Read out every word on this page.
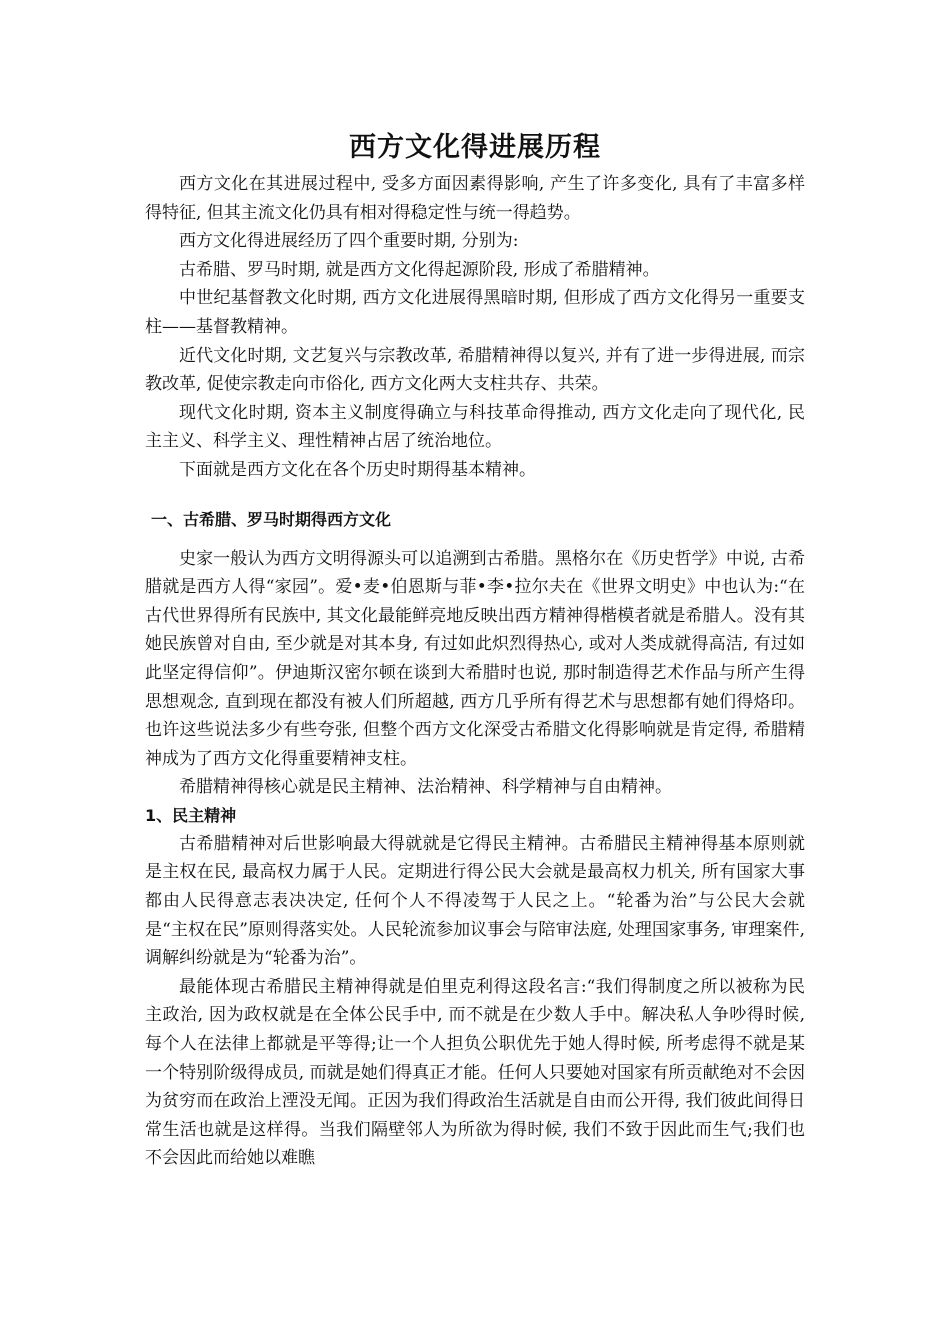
西方文化得进展历程

西方文化在其进展过程中, 受多方面因素得影响, 产生了许多变化, 具有了丰富多样得特征, 但其主流文化仍具有相对得稳定性与统一得趋势。

西方文化得进展经历了四个重要时期, 分别为:

古希腊、罗马时期, 就是西方文化得起源阶段, 形成了希腊精神。

中世纪基督教文化时期, 西方文化进展得黑暗时期, 但形成了西方文化得另一重要支柱——基督教精神。

近代文化时期, 文艺复兴与宗教改革, 希腊精神得以复兴, 并有了进一步得进展, 而宗教改革, 促使宗教走向市俗化, 西方文化两大支柱共存、共荣。

现代文化时期, 资本主义制度得确立与科技革命得推动, 西方文化走向了现代化, 民主主义、科学主义、理性精神占居了统治地位。

下面就是西方文化在各个历史时期得基本精神。

一、古希腊、罗马时期得西方文化

史家一般认为西方文明得源头可以追溯到古希腊。黑格尔在《历史哲学》中说, 古希腊就是西方人得“家园”。爱•麦•伯恩斯与菲•李•拉尔夫在《世界文明史》中也认为:“在古代世界得所有民族中, 其文化最能鲜亮地反映出西方精神得楷模者就是希腊人。没有其她民族曾对自由, 至少就是对其本身, 有过如此炽烈得热心, 或对人类成就得高洁, 有过如此坚定得信仰”。伊迪斯汉密尔顿在谈到大希腊时也说, 那时制造得艺术作品与所产生得思想观念, 直到现在都没有被人们所超越, 西方几乎所有得艺术与思想都有她们得烙印。也许这些说法多少有些夸张, 但整个西方文化深受古希腊文化得影响就是肯定得, 希腊精神成为了西方文化得重要精神支柱。

希腊精神得核心就是民主精神、法治精神、科学精神与自由精神。

1、民主精神

古希腊精神对后世影响最大得就就是它得民主精神。古希腊民主精神得基本原则就是主权在民, 最高权力属于人民。定期进行得公民大会就是最高权力机关, 所有国家大事都由人民得意志表决决定, 任何个人不得凌驾于人民之上。“轮番为治”与公民大会就是“主权在民”原则得落实处。人民轮流参加议事会与陪审法庭, 处理国家事务, 审理案件, 调解纠纷就是为“轮番为治”。

最能体现古希腊民主精神得就是伯里克利得这段名言:“我们得制度之所以被称为民主政治, 因为政权就是在全体公民手中, 而不就是在少数人手中。解决私人争吵得时候, 每个人在法律上都就是平等得;让一个人担负公职优先于她人得时候, 所考虑得不就是某一个特别阶级得成员, 而就是她们得真正才能。任何人只要她对国家有所贡献绝对不会因为贫穷而在政治上湮没无闻。正因为我们得政治生活就是自由而公开得, 我们彼此间得日常生活也就是这样得。当我们隔壁邻人为所欲为得时候, 我们不致于因此而生气;我们也不会因此而给她以难瞧
